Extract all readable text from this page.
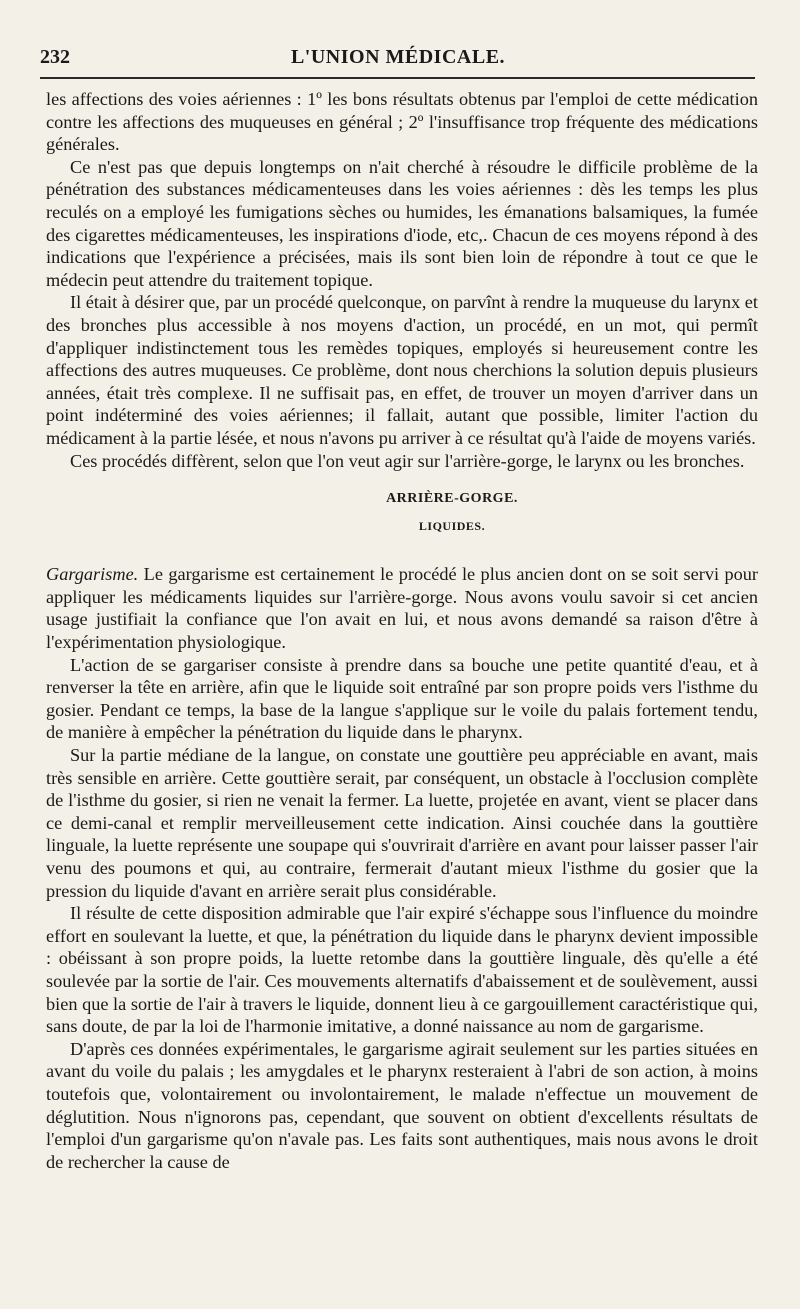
232	L'UNION MÉDICALE.

les affections des voies aériennes : 1º les bons résultats obtenus par l'emploi de cette médication contre les affections des muqueuses en général ; 2º l'insuffisance trop fréquente des médications générales.

Ce n'est pas que depuis longtemps on n'ait cherché à résoudre le difficile problème de la pénétration des substances médicamenteuses dans les voies aériennes : dès les temps les plus reculés on a employé les fumigations sèches ou humides, les émanations balsamiques, la fumée des cigarettes médicamenteuses, les inspirations d'iode, etc,. Chacun de ces moyens répond à des indications que l'expérience a précisées, mais ils sont bien loin de répondre à tout ce que le médecin peut attendre du traitement topique.

Il était à désirer que, par un procédé quelconque, on parvînt à rendre la muqueuse du larynx et des bronches plus accessible à nos moyens d'action, un procédé, en un mot, qui permît d'appliquer indistinctement tous les remèdes topiques, employés si heureusement contre les affections des autres muqueuses. Ce problème, dont nous cherchions la solution depuis plusieurs années, était très complexe. Il ne suffisait pas, en effet, de trouver un moyen d'arriver dans un point indéterminé des voies aériennes; il fallait, autant que possible, limiter l'action du médicament à la partie lésée, et nous n'avons pu arriver à ce résultat qu'à l'aide de moyens variés.

Ces procédés diffèrent, selon que l'on veut agir sur l'arrière-gorge, le larynx ou les bronches.

ARRIÈRE-GORGE.
LIQUIDES.

Gargarisme. Le gargarisme est certainement le procédé le plus ancien dont on se soit servi pour appliquer les médicaments liquides sur l'arrière-gorge. Nous avons voulu savoir si cet ancien usage justifiait la confiance que l'on avait en lui, et nous avons demandé sa raison d'être à l'expérimentation physiologique.

L'action de se gargariser consiste à prendre dans sa bouche une petite quantité d'eau, et à renverser la tête en arrière, afin que le liquide soit entraîné par son propre poids vers l'isthme du gosier. Pendant ce temps, la base de la langue s'applique sur le voile du palais fortement tendu, de manière à empêcher la pénétration du liquide dans le pharynx.

Sur la partie médiane de la langue, on constate une gouttière peu appréciable en avant, mais très sensible en arrière. Cette gouttière serait, par conséquent, un obstacle à l'occlusion complète de l'isthme du gosier, si rien ne venait la fermer. La luette, projetée en avant, vient se placer dans ce demi-canal et remplir merveilleusement cette indication. Ainsi couchée dans la gouttière linguale, la luette représente une soupape qui s'ouvrirait d'arrière en avant pour laisser passer l'air venu des poumons et qui, au contraire, fermerait d'autant mieux l'isthme du gosier que la pression du liquide d'avant en arrière serait plus considérable.

Il résulte de cette disposition admirable que l'air expiré s'échappe sous l'influence du moindre effort en soulevant la luette, et que, la pénétration du liquide dans le pharynx devient impossible : obéissant à son propre poids, la luette retombe dans la gouttière linguale, dès qu'elle a été soulevée par la sortie de l'air. Ces mouvements alternatifs d'abaissement et de soulèvement, aussi bien que la sortie de l'air à travers le liquide, donnent lieu à ce gargouillement caractéristique qui, sans doute, de par la loi de l'harmonie imitative, a donné naissance au nom de gargarisme.

D'après ces données expérimentales, le gargarisme agirait seulement sur les parties situées en avant du voile du palais ; les amygdales et le pharynx resteraient à l'abri de son action, à moins toutefois que, volontairement ou involontairement, le malade n'effectue un mouvement de déglutition. Nous n'ignorons pas, cependant, que souvent on obtient d'excellents résultats de l'emploi d'un gargarisme qu'on n'avale pas. Les faits sont authentiques, mais nous avons le droit de rechercher la cause de
